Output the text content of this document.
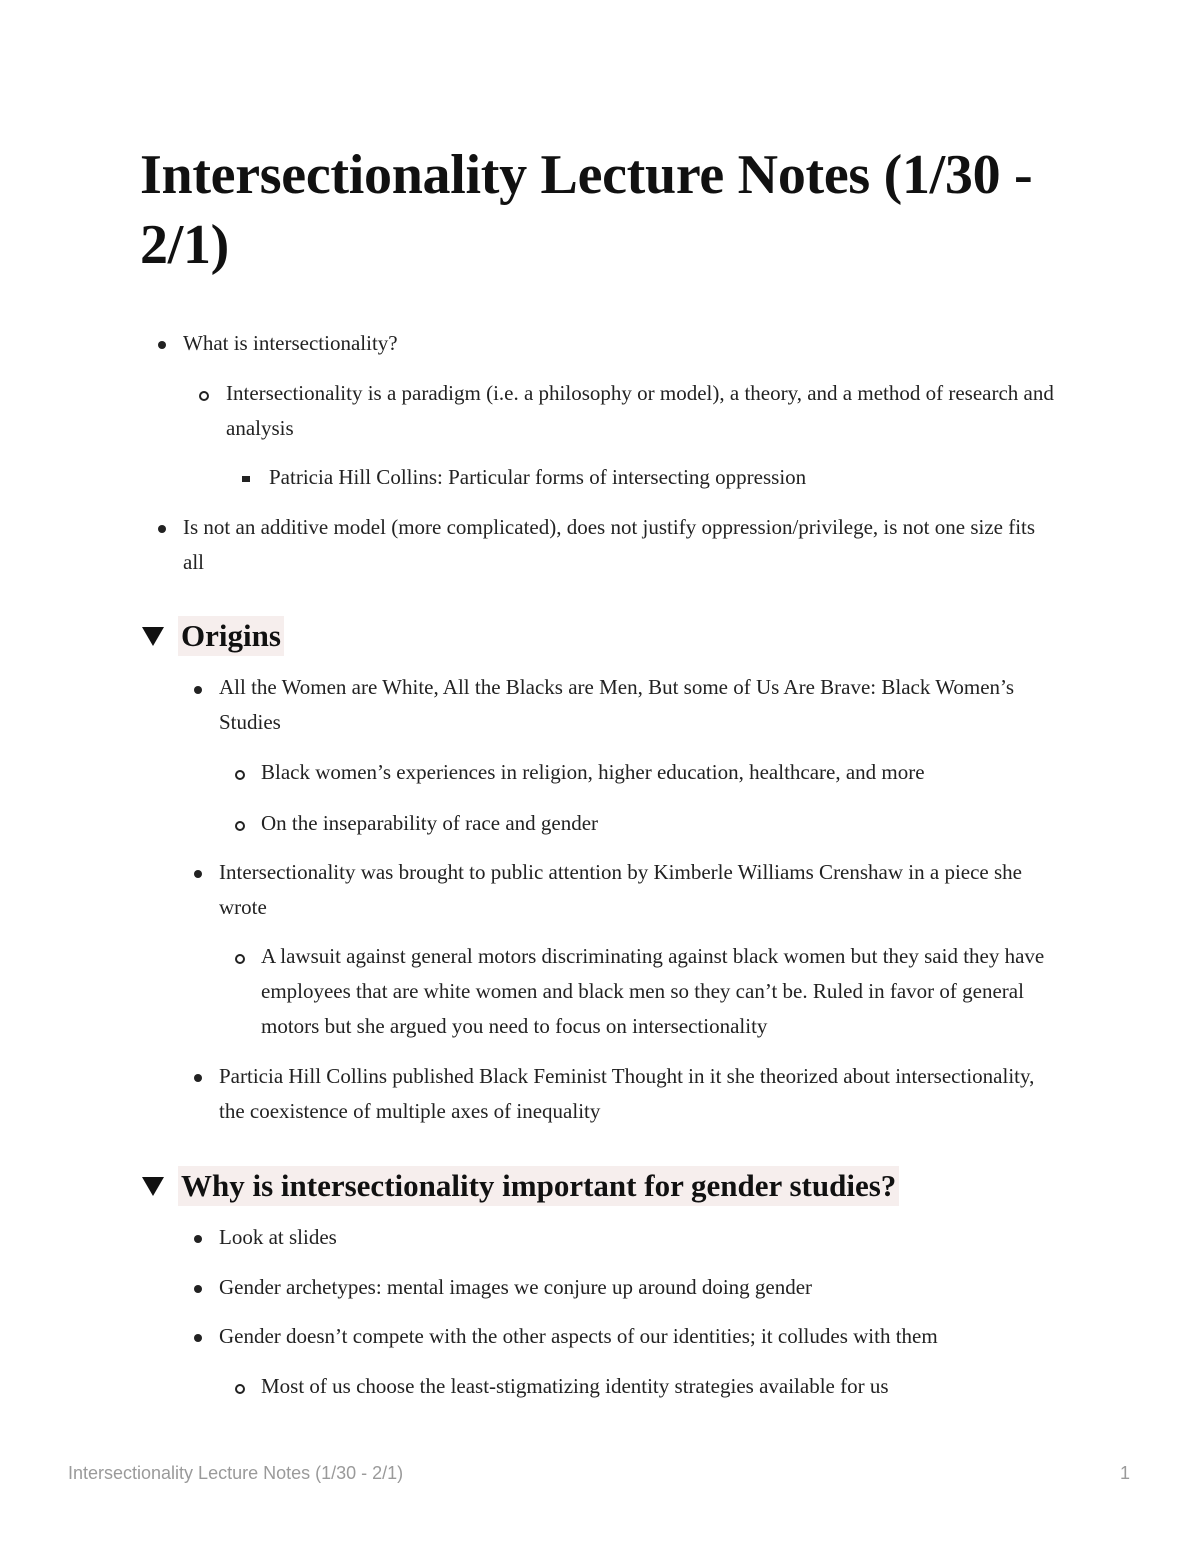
Intersectionality Lecture Notes (1/30 - 2/1)
What is intersectionality?
Intersectionality is a paradigm (i.e. a philosophy or model), a theory, and a method of research and analysis
Patricia Hill Collins: Particular forms of intersecting oppression
Is not an additive model (more complicated), does not justify oppression/privilege, is not one size fits all
Origins
All the Women are White, All the Blacks are Men, But some of Us Are Brave: Black Women’s Studies
Black women’s experiences in religion, higher education, healthcare, and more
On the inseparability of race and gender
Intersectionality was brought to public attention by Kimberle Williams Crenshaw in a piece she wrote
A lawsuit against general motors discriminating against black women but they said they have employees that are white women and black men so they can’t be. Ruled in favor of general motors but she argued you need to focus on intersectionality
Particia Hill Collins published Black Feminist Thought in it she theorized about intersectionality, the coexistence of multiple axes of inequality
Why is intersectionality important for gender studies?
Look at slides
Gender archetypes: mental images we conjure up around doing gender
Gender doesn’t compete with the other aspects of our identities; it colludes with them
Most of us choose the least-stigmatizing identity strategies available for us
Intersectionality Lecture Notes (1/30 - 2/1)	1
